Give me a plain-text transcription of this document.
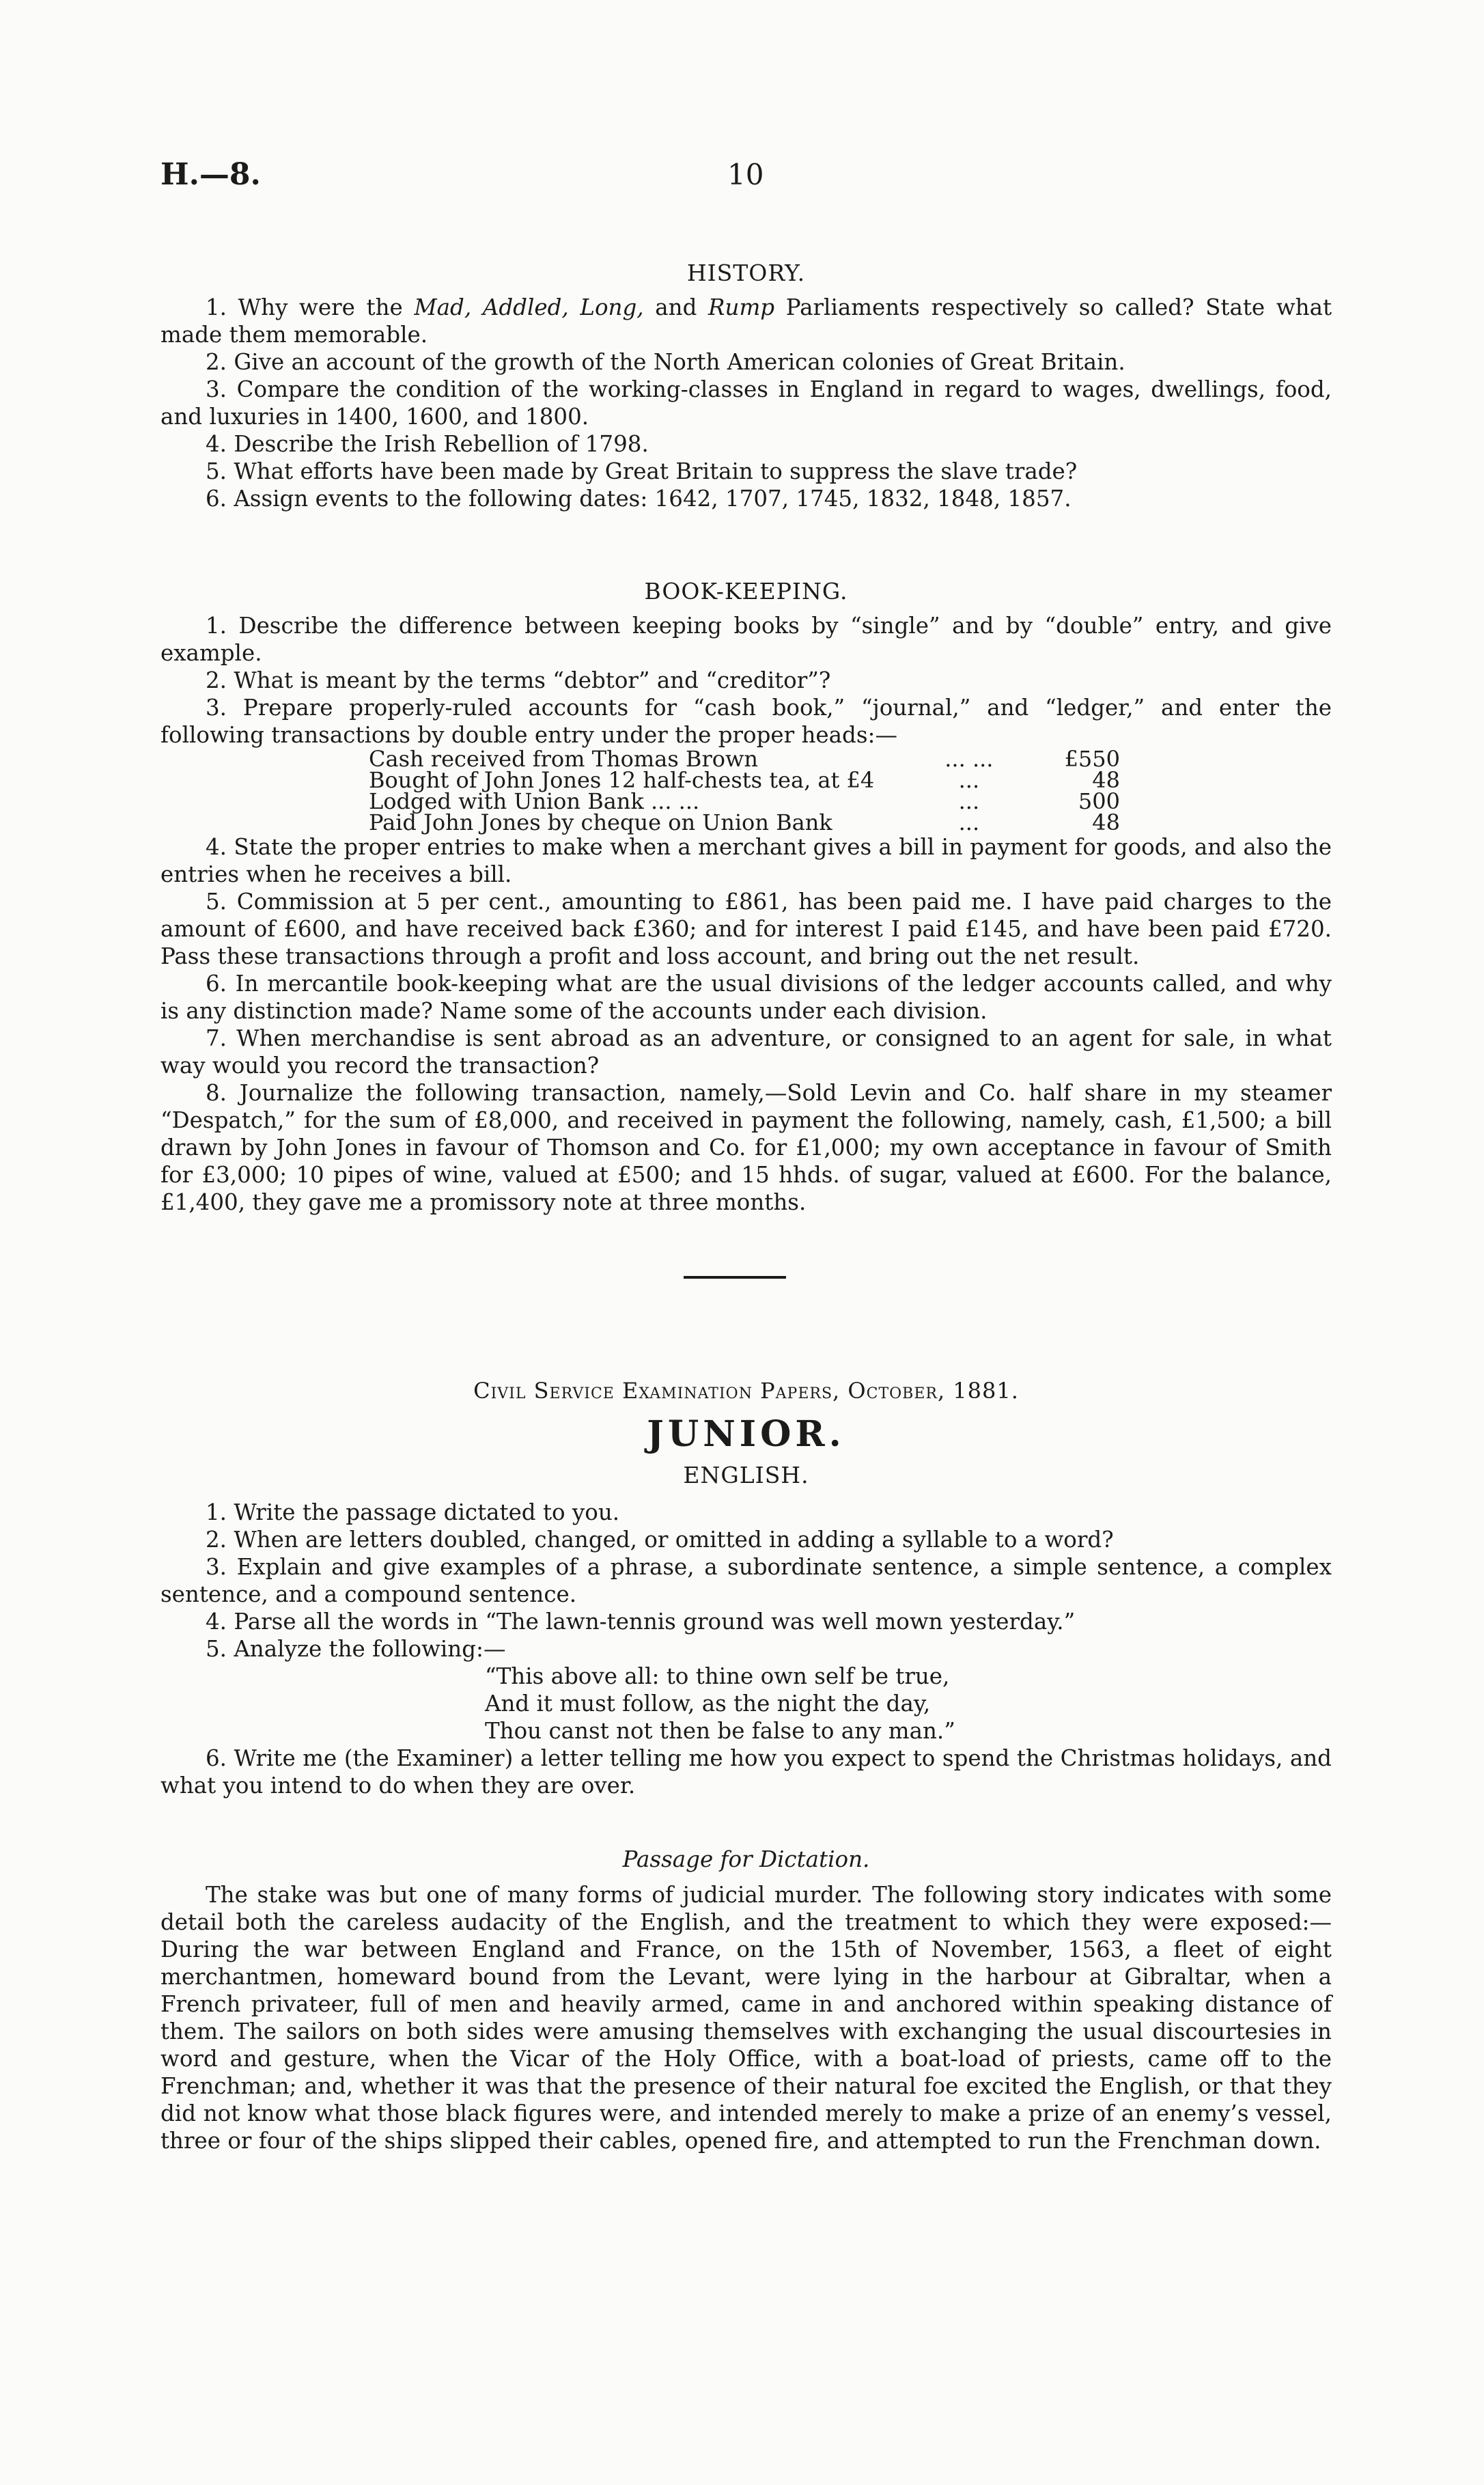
H.—8.	10
HISTORY.

1. Why were the Mad, Addled, Long, and Rump Parliaments respectively so called? State what made them memorable.

2. Give an account of the growth of the North American colonies of Great Britain.

3. Compare the condition of the working-classes in England in regard to wages, dwellings, food, and luxuries in 1400, 1600, and 1800.

4. Describe the Irish Rebellion of 1798.

5. What efforts have been made by Great Britain to suppress the slave trade?

6. Assign events to the following dates: 1642, 1707, 1745, 1832, 1848, 1857.

BOOK-KEEPING.

1. Describe the difference between keeping books by “single” and by “double” entry, and give example.

2. What is meant by the terms “debtor” and “creditor”?

3. Prepare properly-ruled accounts for “cash book,” “journal,” and “ledger,” and enter the following transactions by double entry under the proper heads:—

Cash received from Thomas Brown	... ...	£550
Bought of John Jones 12 half-chests tea, at £4	...	48
Lodged with Union Bank ... ...	...	500
Paid John Jones by cheque on Union Bank	...	48

4. State the proper entries to make when a merchant gives a bill in payment for goods, and also the entries when he receives a bill.

5. Commission at 5 per cent., amounting to £861, has been paid me. I have paid charges to the amount of £600, and have received back £360; and for interest I paid £145, and have been paid £720. Pass these transactions through a profit and loss account, and bring out the net result.

6. In mercantile book-keeping what are the usual divisions of the ledger accounts called, and why is any distinction made? Name some of the accounts under each division.

7. When merchandise is sent abroad as an adventure, or consigned to an agent for sale, in what way would you record the transaction?

8. Journalize the following transaction, namely,—Sold Levin and Co. half share in my steamer “Despatch,” for the sum of £8,000, and received in payment the following, namely, cash, £1,500; a bill drawn by John Jones in favour of Thomson and Co. for £1,000; my own acceptance in favour of Smith for £3,000; 10 pipes of wine, valued at £500; and 15 hhds. of sugar, valued at £600. For the balance, £1,400, they gave me a promissory note at three months.

Civil Service Examination Papers, October, 1881.

JUNIOR.
ENGLISH.

1. Write the passage dictated to you.

2. When are letters doubled, changed, or omitted in adding a syllable to a word?

3. Explain and give examples of a phrase, a subordinate sentence, a simple sentence, a complex sentence, and a compound sentence.

4. Parse all the words in “The lawn-tennis ground was well mown yesterday.”

5. Analyze the following:—

“This above all: to thine own self be true,
And it must follow, as the night the day,
Thou canst not then be false to any man.”

6. Write me (the Examiner) a letter telling me how you expect to spend the Christmas holidays, and what you intend to do when they are over.

Passage for Dictation.

The stake was but one of many forms of judicial murder. The following story indicates with some detail both the careless audacity of the English, and the treatment to which they were exposed:— During the war between England and France, on the 15th of November, 1563, a fleet of eight merchantmen, homeward bound from the Levant, were lying in the harbour at Gibraltar, when a French privateer, full of men and heavily armed, came in and anchored within speaking distance of them. The sailors on both sides were amusing themselves with exchanging the usual discourtesies in word and gesture, when the Vicar of the Holy Office, with a boat-load of priests, came off to the Frenchman; and, whether it was that the presence of their natural foe excited the English, or that they did not know what those black figures were, and intended merely to make a prize of an enemy’s vessel, three or four of the ships slipped their cables, opened fire, and attempted to run the Frenchman down.
